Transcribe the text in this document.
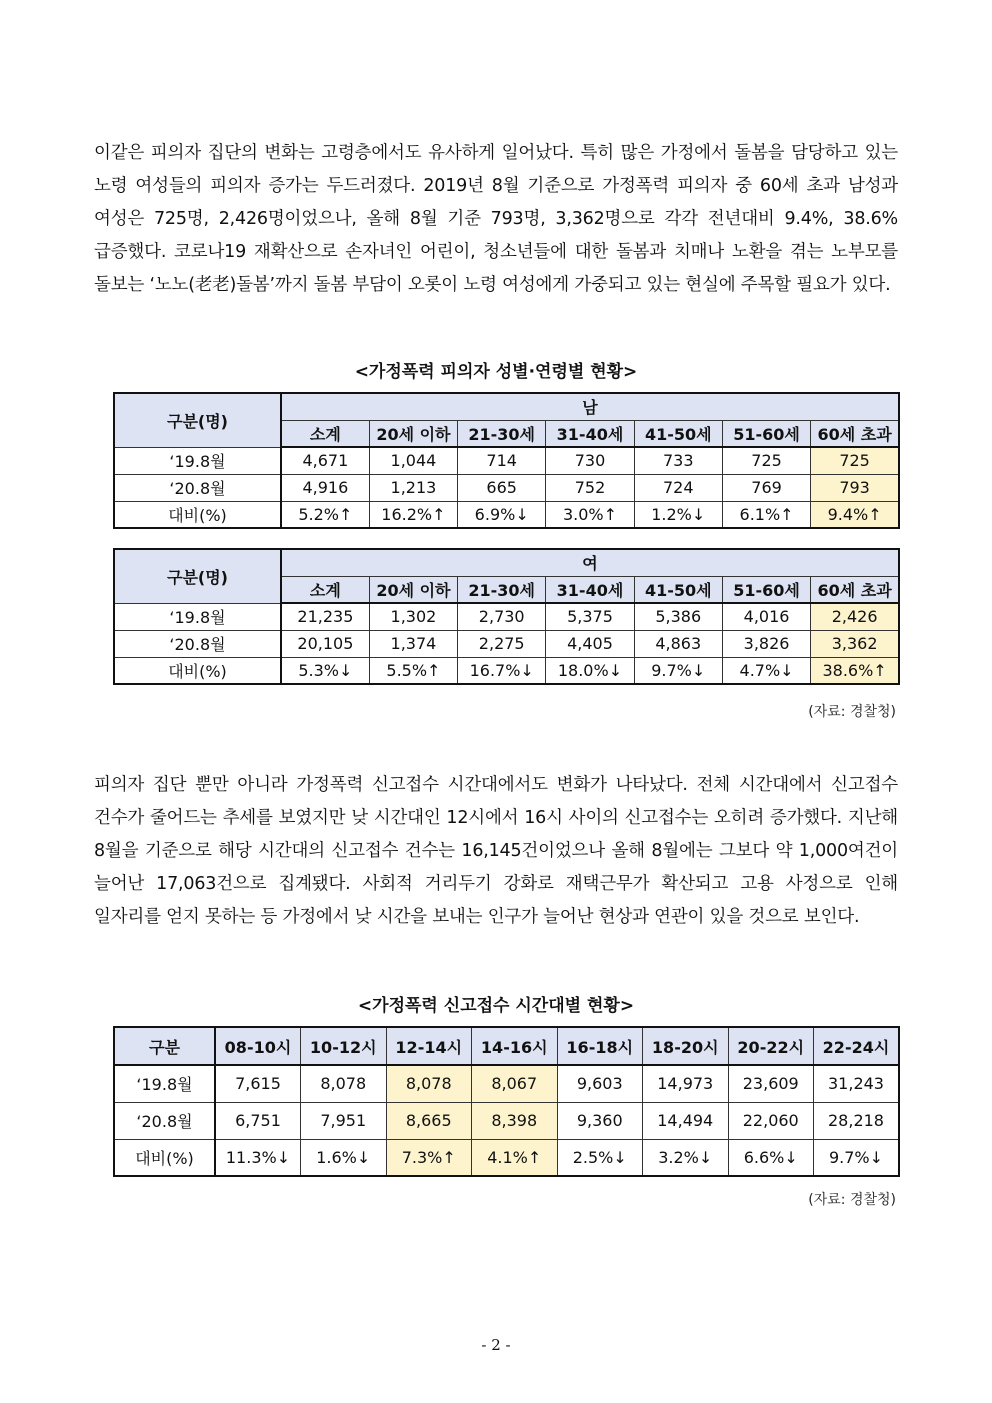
이같은 피의자 집단의 변화는 고령층에서도 유사하게 일어났다. 특히 많은 가정에서 돌봄을 담당하고 있는 노령 여성들의 피의자 증가는 두드러졌다. 2019년 8월 기준으로 가정폭력 피의자 중 60세 초과 남성과 여성은 725명, 2,426명이었으나, 올해 8월 기준 793명, 3,362명으로 각각 전년대비 9.4%, 38.6% 급증했다. 코로나19 재확산으로 손자녀인 어린이, 청소년들에 대한 돌봄과 치매나 노환을 겪는 노부모를 돌보는 ‘노노(老老)돌봄’까지 돌봄 부담이 오롯이 노령 여성에게 가중되고 있는 현실에 주목할 필요가 있다.

<가정폭력 피의자 성별·연령별 현황>

구분(명)	남						
	소계	20세 이하	21-30세	31-40세	41-50세	51-60세	60세 초과
‘19.8월	4,671	1,044	714	730	733	725	725
‘20.8월	4,916	1,213	665	752	724	769	793
대비(%)	5.2%↑	16.2%↑	6.9%↓	3.0%↑	1.2%↓	6.1%↑	9.4%↑
구분(명)	여						
	소계	20세 이하	21-30세	31-40세	41-50세	51-60세	60세 초과
‘19.8월	21,235	1,302	2,730	5,375	5,386	4,016	2,426
‘20.8월	20,105	1,374	2,275	4,405	4,863	3,826	3,362
대비(%)	5.3%↓	5.5%↑	16.7%↓	18.0%↓	9.7%↓	4.7%↓	38.6%↑
(자료: 경찰청)

피의자 집단 뿐만 아니라 가정폭력 신고접수 시간대에서도 변화가 나타났다. 전체 시간대에서 신고접수 건수가 줄어드는 추세를 보였지만 낮 시간대인 12시에서 16시 사이의 신고접수는 오히려 증가했다. 지난해 8월을 기준으로 해당 시간대의 신고접수 건수는 16,145건이었으나 올해 8월에는 그보다 약 1,000여건이 늘어난 17,063건으로 집계됐다. 사회적 거리두기 강화로 재택근무가 확산되고 고용 사정으로 인해 일자리를 얻지 못하는 등 가정에서 낮 시간을 보내는 인구가 늘어난 현상과 연관이 있을 것으로 보인다.

<가정폭력 신고접수 시간대별 현황>

구분	08-10시	10-12시	12-14시	14-16시	16-18시	18-20시	20-22시	22-24시
‘19.8월	7,615	8,078	8,078	8,067	9,603	14,973	23,609	31,243
‘20.8월	6,751	7,951	8,665	8,398	9,360	14,494	22,060	28,218
대비(%)	11.3%↓	1.6%↓	7.3%↑	4.1%↑	2.5%↓	3.2%↓	6.6%↓	9.7%↓
(자료: 경찰청)
- 2 -
